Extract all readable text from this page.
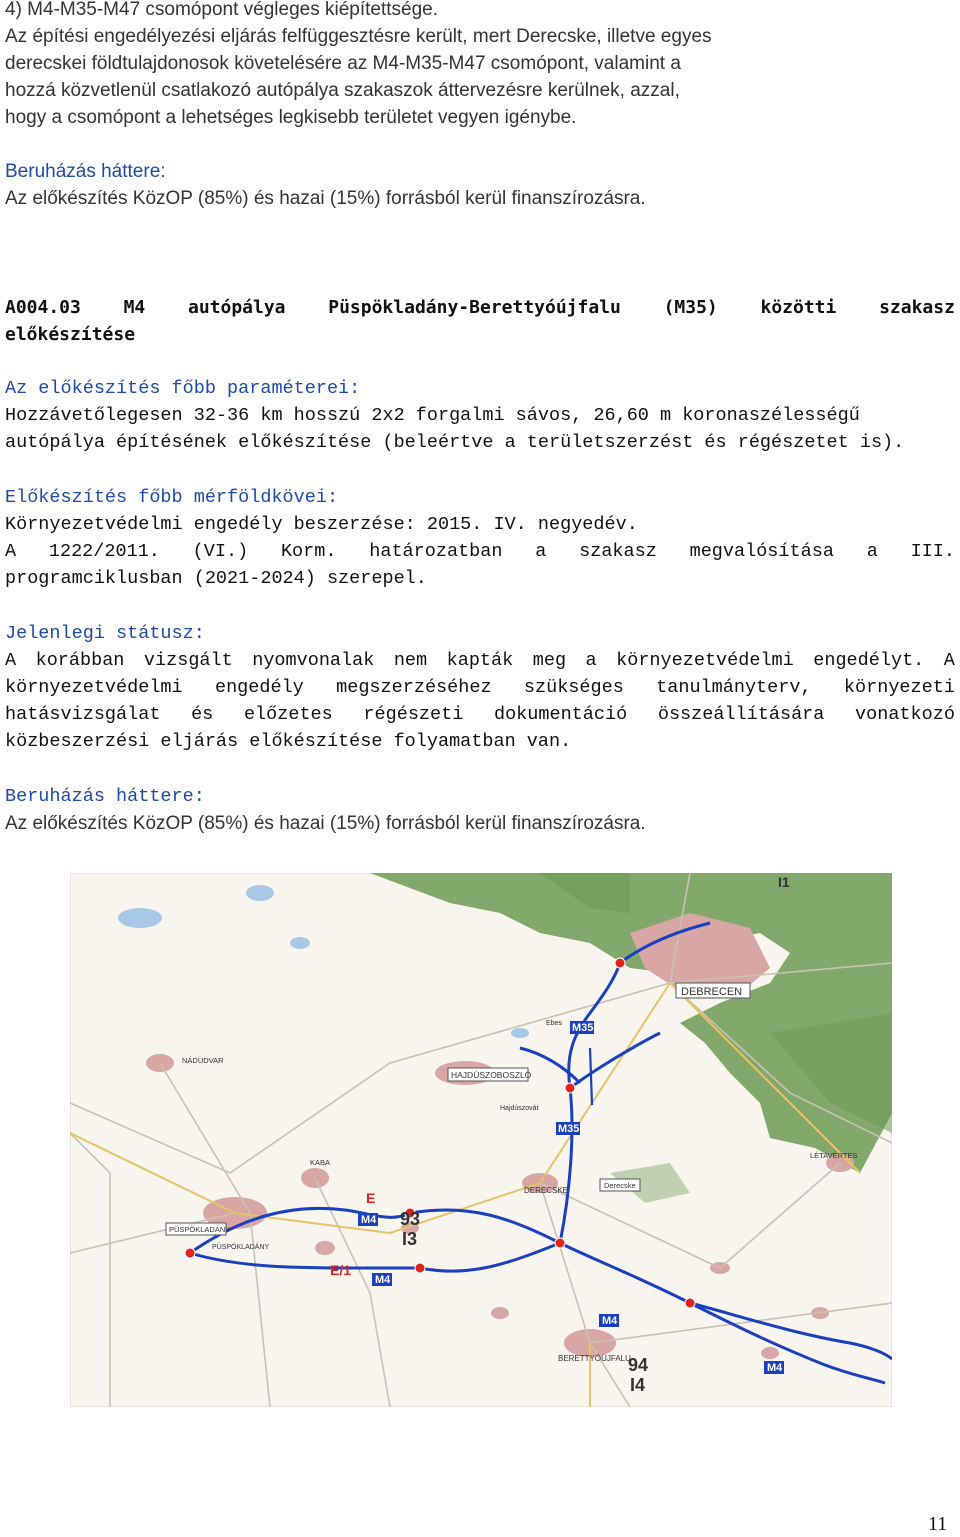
4) M4-M35-M47 csomópont végleges kiépítettsége.
Az építési engedélyezési eljárás felfüggesztésre került, mert Derecske, illetve egyes
derecskei földtulajdonosok követelésére az M4-M35-M47 csomópont, valamint a
hozzá közvetlenül csatlakozó autópálya szakaszok áttervezésre kerülnek, azzal,
hogy a csomópont a lehetséges legkisebb területet vegyen igénybe.
Beruházás háttere:
Az előkészítés KözOP (85%) és hazai (15%) forrásból kerül finanszírozásra.
A004.03 M4 autópálya Püspökladány-Berettyóújfalu (M35) közötti szakasz
előkészítése
Az előkészítés főbb paraméterei:
Hozzávetőlegesen 32-36 km hosszú 2x2 forgalmi sávos, 26,60 m koronaszélességű
autópálya építésének előkészítése (beleértve a területszerzést és régészetet is).
Előkészítés főbb mérföldkövei:
Környezetvédelmi engedély beszerzése: 2015. IV. negyedév.
A 1222/2011. (VI.) Korm. határozatban a szakasz megvalósítása a III.
programciklusban (2021-2024) szerepel.
Jelenlegi státusz:
A korábban vizsgált nyomvonalak nem kapták meg a környezetvédelmi engedélyt. A
környezetvédelmi engedély megszerzéséhez szükséges tanulmányterv, környezeti
hatásvizsgálat és előzetes régészeti dokumentáció összeállítására vonatkozó
közbeszerzési eljárás előkészítése folyamatban van.
Beruházás háttere:
Az előkészítés KözOP (85%) és hazai (15%) forrásból kerül finanszírozásra.
M35
M35
M4
M4
M4
M4
DEBRECEN
HAJDÚSZOBOSZLÓ
PÜSPÖKLADÁNY
PÜSPÖKLADÁNY
DERECSKE
Derecske
BERETTYÓÚJFALU
NÁDUDVAR
KABA
LÉTAVÉRTES
Ebes
Hajdúszovát
E
E/1
93
I3
94
I4
I1
11
